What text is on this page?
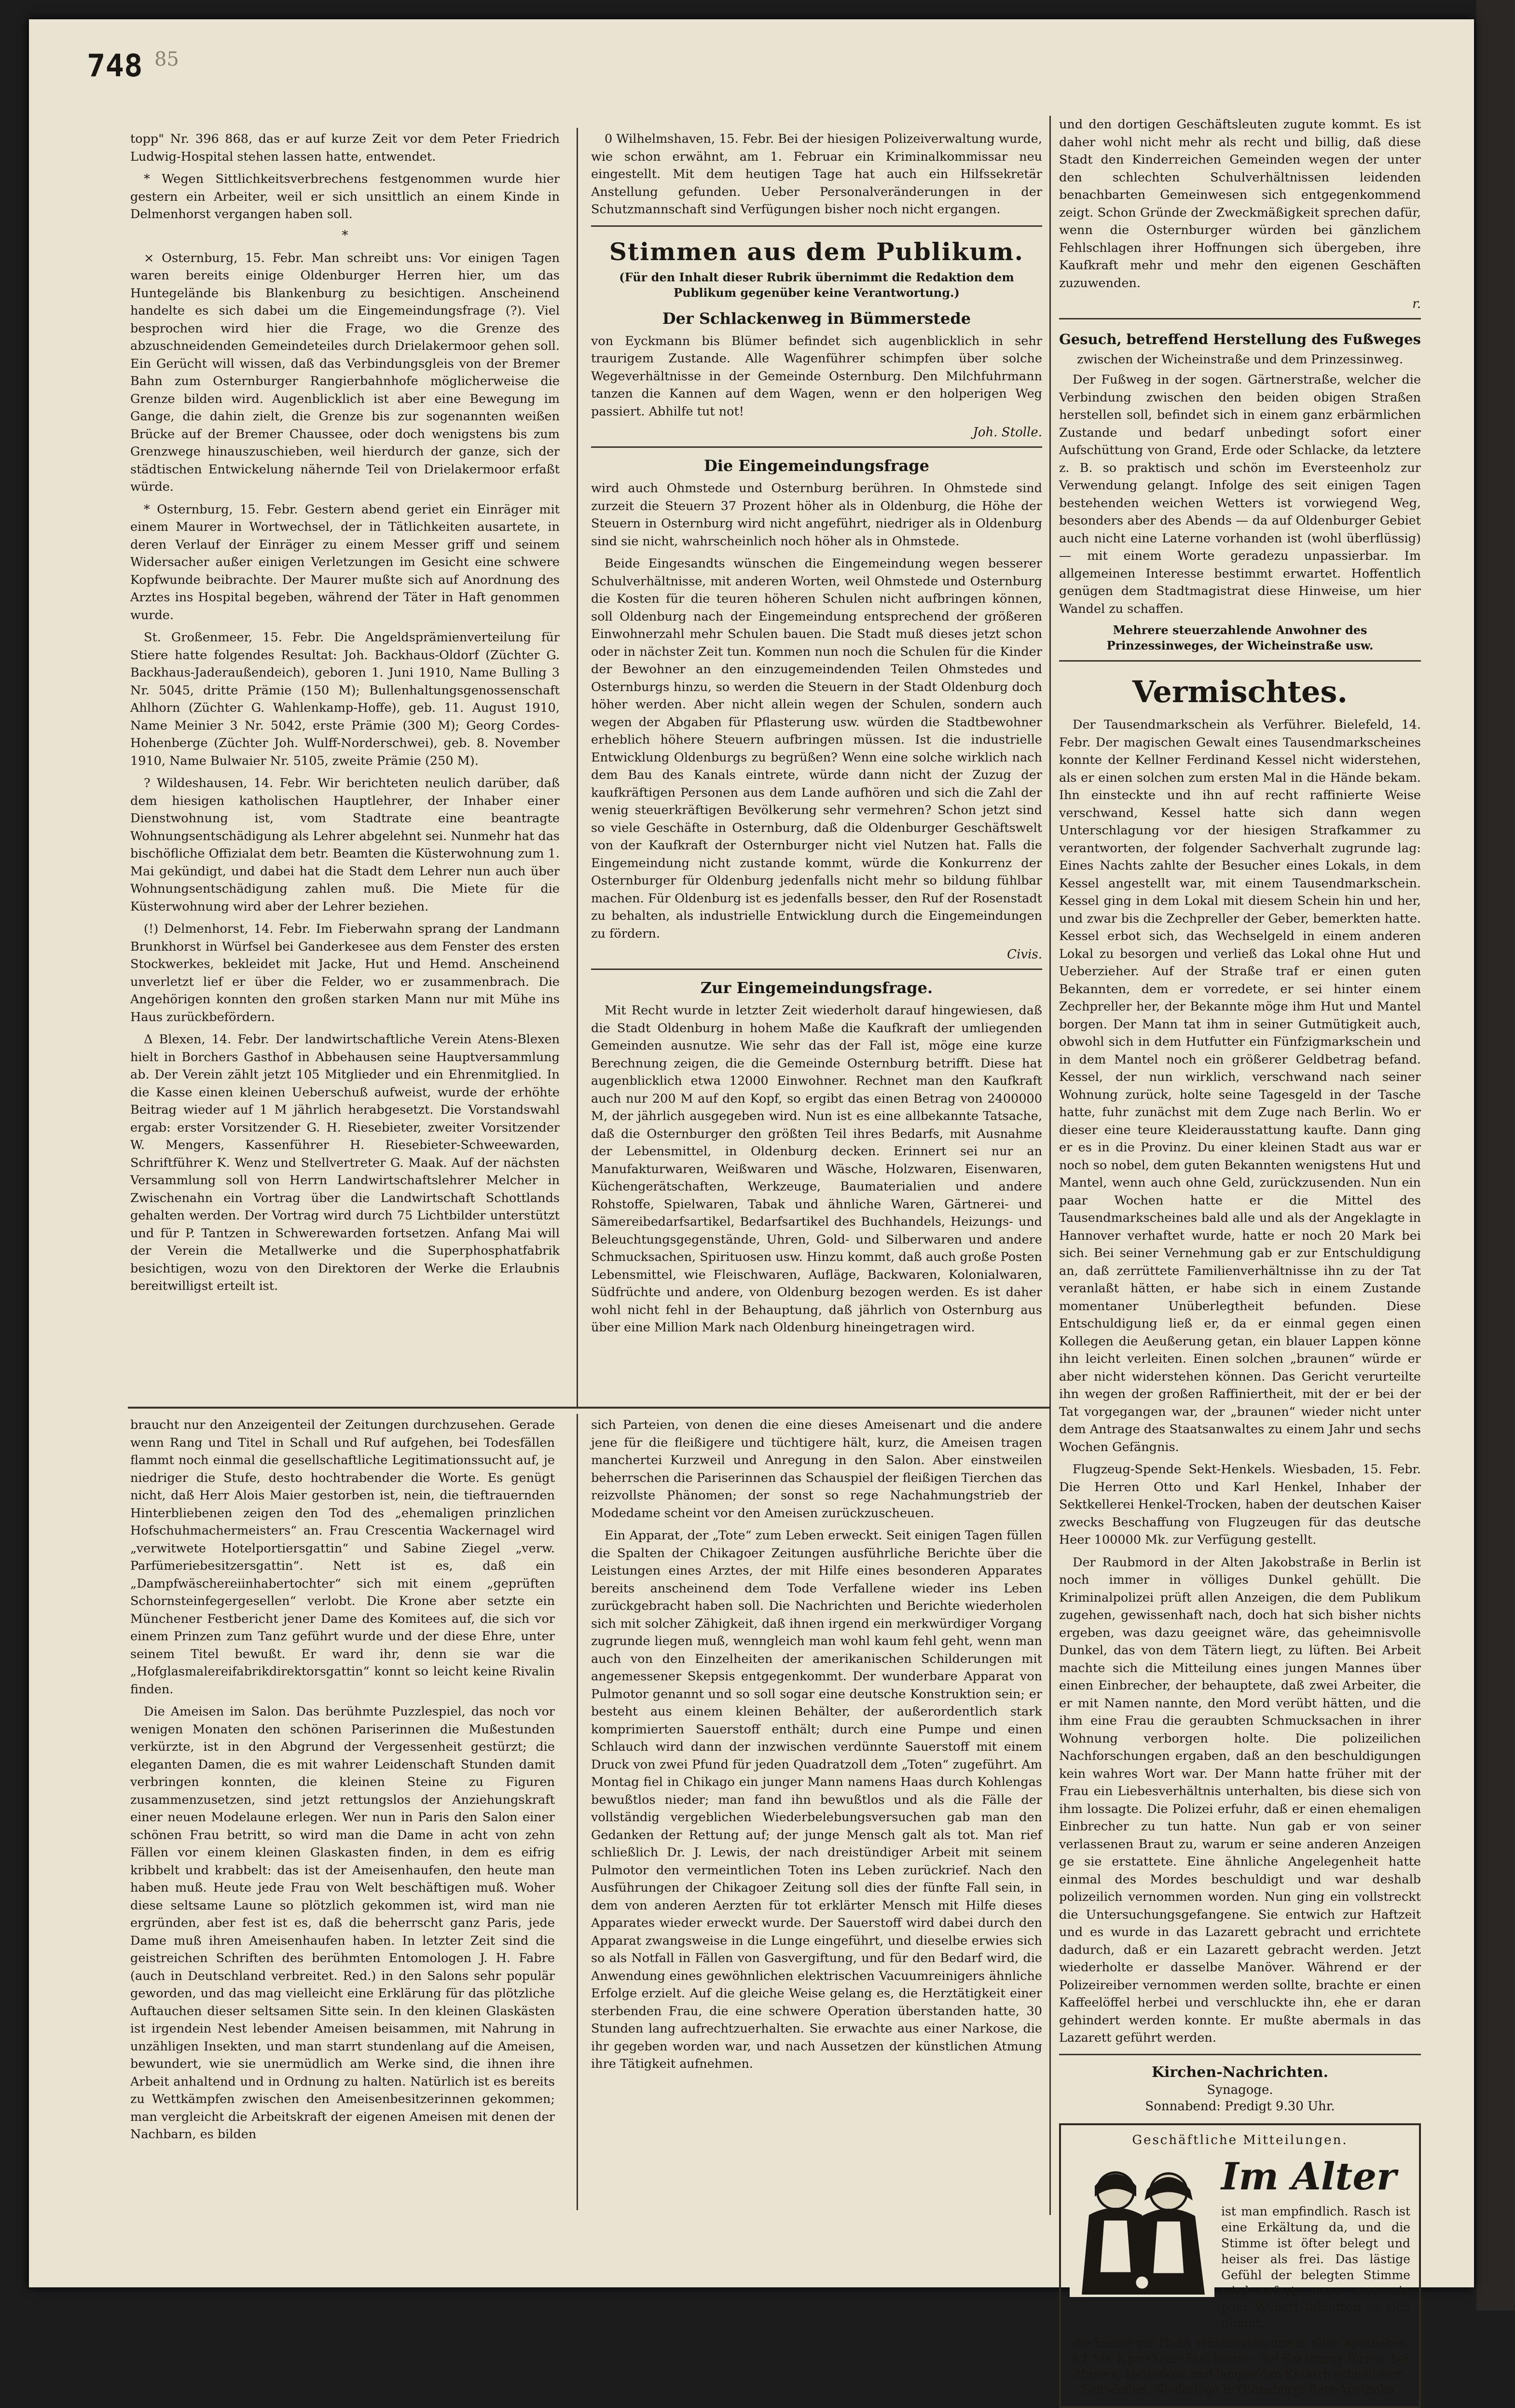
748 85

topp" Nr. 396 868, das er auf kurze Zeit vor dem Peter Friedrich Ludwig-Hospital stehen lassen hatte, entwendet.

* Wegen Sittlichkeitsverbrechens festgenommen wurde hier gestern ein Arbeiter, weil er sich unsittlich an einem Kinde in Delmenhorst vergangen haben soll.

*

× Osternburg, 15. Febr. Man schreibt uns: Vor einigen Tagen waren bereits einige Oldenburger Herren hier, um das Huntegelände bis Blankenburg zu besichtigen. Anscheinend handelte es sich dabei um die Eingemeindungsfrage (?). Viel besprochen wird hier die Frage, wo die Grenze des abzuschneidenden Gemeindeteiles durch Drielakermoor gehen soll. Ein Gerücht will wissen, daß das Verbindungsgleis von der Bremer Bahn zum Osternburger Rangierbahnhofe möglicherweise die Grenze bilden wird. Augenblicklich ist aber eine Bewegung im Gange, die dahin zielt, die Grenze bis zur sogenannten weißen Brücke auf der Bremer Chaussee, oder doch wenigstens bis zum Grenzwege hinauszuschieben, weil hierdurch der ganze, sich der städtischen Entwickelung nähernde Teil von Drielakermoor erfaßt würde.

* Osternburg, 15. Febr. Gestern abend geriet ein Einräger mit einem Maurer in Wortwechsel, der in Tätlichkeiten ausartete, in deren Verlauf der Einräger zu einem Messer griff und seinem Widersacher außer einigen Verletzungen im Gesicht eine schwere Kopfwunde beibrachte. Der Maurer mußte sich auf Anordnung des Arztes ins Hospital begeben, während der Täter in Haft genommen wurde.

St. Großenmeer, 15. Febr. Die Angeldsprämienverteilung für Stiere hatte folgendes Resultat: Joh. Backhaus-Oldorf (Züchter G. Backhaus-Jaderaußendeich), geboren 1. Juni 1910, Name Bulling 3 Nr. 5045, dritte Prämie (150 M); Bullenhaltungsgenossenschaft Ahlhorn (Züchter G. Wahlenkamp-Hoffe), geb. 11. August 1910, Name Meinier 3 Nr. 5042, erste Prämie (300 M); Georg Cordes-Hohenberge (Züchter Joh. Wulff-Norderschwei), geb. 8. November 1910, Name Bulwaier Nr. 5105, zweite Prämie (250 M).

? Wildeshausen, 14. Febr. Wir berichteten neulich darüber, daß dem hiesigen katholischen Hauptlehrer, der Inhaber einer Dienstwohnung ist, vom Stadtrate eine beantragte Wohnungsentschädigung als Lehrer abgelehnt sei. Nunmehr hat das bischöfliche Offizialat dem betr. Beamten die Küsterwohnung zum 1. Mai gekündigt, und dabei hat die Stadt dem Lehrer nun auch über Wohnungsentschädigung zahlen muß. Die Miete für die Küsterwohnung wird aber der Lehrer beziehen.

(!) Delmenhorst, 14. Febr. Im Fieberwahn sprang der Landmann Brunkhorst in Würfsel bei Ganderkesee aus dem Fenster des ersten Stockwerkes, bekleidet mit Jacke, Hut und Hemd. Anscheinend unverletzt lief er über die Felder, wo er zusammenbrach. Die Angehörigen konnten den großen starken Mann nur mit Mühe ins Haus zurückbefördern.

Δ Blexen, 14. Febr. Der landwirtschaftliche Verein Atens-Blexen hielt in Borchers Gasthof in Abbehausen seine Hauptversammlung ab. Der Verein zählt jetzt 105 Mitglieder und ein Ehrenmitglied. In die Kasse einen kleinen Ueberschuß aufweist, wurde der erhöhte Beitrag wieder auf 1 M jährlich herabgesetzt. Die Vorstandswahl ergab: erster Vorsitzender G. H. Riesebieter, zweiter Vorsitzender W. Mengers, Kassenführer H. Riesebieter-Schweewarden, Schriftführer K. Wenz und Stellvertreter G. Maak. Auf der nächsten Versammlung soll von Herrn Landwirtschaftslehrer Melcher in Zwischenahn ein Vortrag über die Landwirtschaft Schottlands gehalten werden. Der Vortrag wird durch 75 Lichtbilder unterstützt und für P. Tantzen in Schwerewarden fortsetzen. Anfang Mai will der Verein die Metallwerke und die Superphosphatfabrik besichtigen, wozu von den Direktoren der Werke die Erlaubnis bereitwilligst erteilt ist.

0 Wilhelmshaven, 15. Febr. Bei der hiesigen Polizeiverwaltung wurde, wie schon erwähnt, am 1. Februar ein Kriminalkommissar neu eingestellt. Mit dem heutigen Tage hat auch ein Hilfssekretär Anstellung gefunden. Ueber Personalveränderungen in der Schutzmannschaft sind Verfügungen bisher noch nicht ergangen.

Stimmen aus dem Publikum.

(Für den Inhalt dieser Rubrik übernimmt die Redaktion dem Publikum gegenüber keine Verantwortung.)

Der Schlackenweg in Bümmerstede

von Eyckmann bis Blümer befindet sich augenblicklich in sehr traurigem Zustande. Alle Wagenführer schimpfen über solche Wegeverhältnisse in der Gemeinde Osternburg. Den Milchfuhrmann tanzen die Kannen auf dem Wagen, wenn er den holperigen Weg passiert. Abhilfe tut not!

Joh. Stolle.

Die Eingemeindungsfrage

wird auch Ohmstede und Osternburg berühren. In Ohmstede sind zurzeit die Steuern 37 Prozent höher als in Oldenburg, die Höhe der Steuern in Osternburg wird nicht angeführt, niedriger als in Oldenburg sind sie nicht, wahrscheinlich noch höher als in Ohmstede.

Beide Eingesandts wünschen die Eingemeindung wegen besserer Schulverhältnisse, mit anderen Worten, weil Ohmstede und Osternburg die Kosten für die teuren höheren Schulen nicht aufbringen können, soll Oldenburg nach der Eingemeindung entsprechend der größeren Einwohnerzahl mehr Schulen bauen. Die Stadt muß dieses jetzt schon oder in nächster Zeit tun. Kommen nun noch die Schulen für die Kinder der Bewohner an den einzugemeindenden Teilen Ohmstedes und Osternburgs hinzu, so werden die Steuern in der Stadt Oldenburg doch höher werden. Aber nicht allein wegen der Schulen, sondern auch wegen der Abgaben für Pflasterung usw. würden die Stadtbewohner erheblich höhere Steuern aufbringen müssen. Ist die industrielle Entwicklung Oldenburgs zu begrüßen? Wenn eine solche wirklich nach dem Bau des Kanals eintrete, würde dann nicht der Zuzug der kaufkräftigen Personen aus dem Lande aufhören und sich die Zahl der wenig steuerkräftigen Bevölkerung sehr vermehren? Schon jetzt sind so viele Geschäfte in Osternburg, daß die Oldenburger Geschäftswelt von der Kaufkraft der Osternburger nicht viel Nutzen hat. Falls die Eingemeindung nicht zustande kommt, würde die Konkurrenz der Osternburger für Oldenburg jedenfalls nicht mehr so bildung fühlbar machen. Für Oldenburg ist es jedenfalls besser, den Ruf der Rosenstadt zu behalten, als industrielle Entwicklung durch die Eingemeindungen zu fördern.

Civis.

Zur Eingemeindungsfrage.

Mit Recht wurde in letzter Zeit wiederholt darauf hingewiesen, daß die Stadt Oldenburg in hohem Maße die Kaufkraft der umliegenden Gemeinden ausnutze. Wie sehr das der Fall ist, möge eine kurze Berechnung zeigen, die die Gemeinde Osternburg betrifft. Diese hat augenblicklich etwa 12000 Einwohner. Rechnet man den Kaufkraft auch nur 200 M auf den Kopf, so ergibt das einen Betrag von 2400000 M, der jährlich ausgegeben wird. Nun ist es eine allbekannte Tatsache, daß die Osternburger den größten Teil ihres Bedarfs, mit Ausnahme der Lebensmittel, in Oldenburg decken. Erinnert sei nur an Manufakturwaren, Weißwaren und Wäsche, Holzwaren, Eisenwaren, Küchengerätschaften, Werkzeuge, Baumaterialien und andere Rohstoffe, Spielwaren, Tabak und ähnliche Waren, Gärtnerei- und Sämereibedarfsartikel, Bedarfsartikel des Buchhandels, Heizungs- und Beleuchtungsgegenstände, Uhren, Gold- und Silberwaren und andere Schmucksachen, Spirituosen usw. Hinzu kommt, daß auch große Posten Lebensmittel, wie Fleischwaren, Aufläge, Backwaren, Kolonialwaren, Südfrüchte und andere, von Oldenburg bezogen werden. Es ist daher wohl nicht fehl in der Behauptung, daß jährlich von Osternburg aus über eine Million Mark nach Oldenburg hineingetragen wird.

und den dortigen Geschäftsleuten zugute kommt. Es ist daher wohl nicht mehr als recht und billig, daß diese Stadt den Kinderreichen Gemeinden wegen der unter den schlechten Schulverhältnissen leidenden benachbarten Gemeinwesen sich entgegenkommend zeigt. Schon Gründe der Zweckmäßigkeit sprechen dafür, wenn die Osternburger würden bei gänzlichem Fehlschlagen ihrer Hoffnungen sich übergeben, ihre Kaufkraft mehr und mehr den eigenen Geschäften zuzuwenden.

r.

Gesuch, betreffend Herstellung des Fußweges
zwischen der Wicheinstraße und dem Prinzessinweg.

Der Fußweg in der sogen. Gärtnerstraße, welcher die Verbindung zwischen den beiden obigen Straßen herstellen soll, befindet sich in einem ganz erbärmlichen Zustande und bedarf unbedingt sofort einer Aufschüttung von Grand, Erde oder Schlacke, da letztere z. B. so praktisch und schön im Eversteenholz zur Verwendung gelangt. Infolge des seit einigen Tagen bestehenden weichen Wetters ist vorwiegend Weg, besonders aber des Abends — da auf Oldenburger Gebiet auch nicht eine Laterne vorhanden ist (wohl überflüssig) — mit einem Worte geradezu unpassierbar. Im allgemeinen Interesse bestimmt erwartet. Hoffentlich genügen dem Stadtmagistrat diese Hinweise, um hier Wandel zu schaffen.

Mehrere steuerzahlende Anwohner des Prinzessinweges, der Wicheinstraße usw.

Vermischtes.

Der Tausendmarkschein als Verführer. Bielefeld, 14. Febr. Der magischen Gewalt eines Tausendmarkscheines konnte der Kellner Ferdinand Kessel nicht widerstehen, als er einen solchen zum ersten Mal in die Hände bekam. Ihn einsteckte und ihn auf recht raffinierte Weise verschwand, Kessel hatte sich dann wegen Unterschlagung vor der hiesigen Strafkammer zu verantworten, der folgender Sachverhalt zugrunde lag: Eines Nachts zahlte der Besucher eines Lokals, in dem Kessel angestellt war, mit einem Tausendmarkschein. Kessel ging in dem Lokal mit diesem Schein hin und her, und zwar bis die Zechpreller der Geber, bemerkten hatte. Kessel erbot sich, das Wechselgeld in einem anderen Lokal zu besorgen und verließ das Lokal ohne Hut und Ueberzieher. Auf der Straße traf er einen guten Bekannten, dem er vorredete, er sei hinter einem Zechpreller her, der Bekannte möge ihm Hut und Mantel borgen. Der Mann tat ihm in seiner Gutmütigkeit auch, obwohl sich in dem Hutfutter ein Fünfzigmarkschein und in dem Mantel noch ein größerer Geldbetrag befand. Kessel, der nun wirklich, verschwand nach seiner Wohnung zurück, holte seine Tagesgeld in der Tasche hatte, fuhr zunächst mit dem Zuge nach Berlin. Wo er dieser eine teure Kleiderausstattung kaufte. Dann ging er es in die Provinz. Du einer kleinen Stadt aus war er noch so nobel, dem guten Bekannten wenigstens Hut und Mantel, wenn auch ohne Geld, zurückzusenden. Nun ein paar Wochen hatte er die Mittel des Tausendmarkscheines bald alle und als der Angeklagte in Hannover verhaftet wurde, hatte er noch 20 Mark bei sich. Bei seiner Vernehmung gab er zur Entschuldigung an, daß zerrüttete Familienverhältnisse ihn zu der Tat veranlaßt hätten, er habe sich in einem Zustande momentaner Unüberlegtheit befunden. Diese Entschuldigung ließ er, da er einmal gegen einen Kollegen die Aeußerung getan, ein blauer Lappen könne ihn leicht verleiten. Einen solchen „braunen“ würde er aber nicht widerstehen können. Das Gericht verurteilte ihn wegen der großen Raffiniertheit, mit der er bei der Tat vorgegangen war, der „braunen“ wieder nicht unter dem Antrage des Staatsanwaltes zu einem Jahr und sechs Wochen Gefängnis.

Flugzeug-Spende Sekt-Henkels. Wiesbaden, 15. Febr. Die Herren Otto und Karl Henkel, Inhaber der Sektkellerei Henkel-Trocken, haben der deutschen Kaiser zwecks Beschaffung von Flugzeugen für das deutsche Heer 100000 Mk. zur Verfügung gestellt.

Der Raubmord in der Alten Jakobstraße in Berlin ist noch immer in völliges Dunkel gehüllt. Die Kriminalpolizei prüft allen Anzeigen, die dem Publikum zugehen, gewissenhaft nach, doch hat sich bisher nichts ergeben, was dazu geeignet wäre, das geheimnisvolle Dunkel, das von dem Tätern liegt, zu lüften. Bei Arbeit machte sich die Mitteilung eines jungen Mannes über einen Einbrecher, der behauptete, daß zwei Arbeiter, die er mit Namen nannte, den Mord verübt hätten, und die ihm eine Frau die geraubten Schmucksachen in ihrer Wohnung verborgen holte. Die polizeilichen Nachforschungen ergaben, daß an den beschuldigungen kein wahres Wort war. Der Mann hatte früher mit der Frau ein Liebesverhältnis unterhalten, bis diese sich von ihm lossagte. Die Polizei erfuhr, daß er einen ehemaligen Einbrecher zu tun hatte. Nun gab er von seiner verlassenen Braut zu, warum er seine anderen Anzeigen ge sie erstattete. Eine ähnliche Angelegenheit hatte einmal des Mordes beschuldigt und war deshalb polizeilich vernommen worden. Nun ging ein vollstreckt die Untersuchungsgefangene. Sie entwich zur Haftzeit und es wurde in das Lazarett gebracht und errichtete dadurch, daß er ein Lazarett gebracht werden. Jetzt wiederholte er dasselbe Manöver. Während er der Polizeireiber vernommen werden sollte, brachte er einen Kaffeelöffel herbei und verschluckte ihn, ehe er daran gehindert werden konnte. Er mußte abermals in das Lazarett geführt werden.

Kirchen-Nachrichten.
Synagoge.
Sonnabend: Predigt 9.30 Uhr.
Geschäftliche Mitteilungen.
Im Alter

ist man empfindlich. Rasch ist eine Erkältung da, und die Stimme ist öfter belegt und heiser als frei. Das lästige Gefühl der belegten Stimme wird sofort, wenn man ein paar Wybert-Tabletten zu sich nimmt,

die immer zur Hand sein müssen und in allen Apotheken à 1 Mark pro Schachtel kosten. Bei Erkältung dürfen, bei Husten, Heiserkeit und langen den Katarrh schnell zum Schwinden. Niederlage in Oldenburg: Rats-Apotheke.

braucht nur den Anzeigenteil der Zeitungen durchzusehen. Gerade wenn Rang und Titel in Schall und Ruf aufgehen, bei Todesfällen flammt noch einmal die gesellschaftliche Legitimationssucht auf, je niedriger die Stufe, desto hochtrabender die Worte. Es genügt nicht, daß Herr Alois Maier gestorben ist, nein, die tieftrauernden Hinterbliebenen zeigen den Tod des „ehemaligen prinzlichen Hofschuhmachermeisters“ an. Frau Crescentia Wackernagel wird „verwitwete Hotelportiersgattin“ und Sabine Ziegel „verw. Parfümeriebesitzersgattin“. Nett ist es, daß ein „Dampfwäschereiinhabertochter“ sich mit einem „geprüften Schornsteinfegergesellen“ verlobt. Die Krone aber setzte ein Münchener Festbericht jener Dame des Komitees auf, die sich vor einem Prinzen zum Tanz geführt wurde und der diese Ehre, unter seinem Titel bewußt. Er ward ihr, denn sie war die „Hofglasmalereifabrikdirektorsgattin“ konnt so leicht keine Rivalin finden.

Die Ameisen im Salon. Das berühmte Puzzlespiel, das noch vor wenigen Monaten den schönen Pariserinnen die Mußestunden verkürzte, ist in den Abgrund der Vergessenheit gestürzt; die eleganten Damen, die es mit wahrer Leidenschaft Stunden damit verbringen konnten, die kleinen Steine zu Figuren zusammenzusetzen, sind jetzt rettungslos der Anziehungskraft einer neuen Modelaune erlegen. Wer nun in Paris den Salon einer schönen Frau betritt, so wird man die Dame in acht von zehn Fällen vor einem kleinen Glaskasten finden, in dem es eifrig kribbelt und krabbelt: das ist der Ameisenhaufen, den heute man haben muß. Heute jede Frau von Welt beschäftigen muß. Woher diese seltsame Laune so plötzlich gekommen ist, wird man nie ergründen, aber fest ist es, daß die beherrscht ganz Paris, jede Dame muß ihren Ameisenhaufen haben. In letzter Zeit sind die geistreichen Schriften des berühmten Entomologen J. H. Fabre (auch in Deutschland verbreitet. Red.) in den Salons sehr populär geworden, und das mag vielleicht eine Erklärung für das plötzliche Auftauchen dieser seltsamen Sitte sein. In den kleinen Glaskästen ist irgendein Nest lebender Ameisen beisammen, mit Nahrung in unzähligen Insekten, und man starrt stundenlang auf die Ameisen, bewundert, wie sie unermüdlich am Werke sind, die ihnen ihre Arbeit anhaltend und in Ordnung zu halten. Natürlich ist es bereits zu Wettkämpfen zwischen den Ameisenbesitzerinnen gekommen; man vergleicht die Arbeitskraft der eigenen Ameisen mit denen der Nachbarn, es bilden

sich Parteien, von denen die eine dieses Ameisenart und die andere jene für die fleißigere und tüchtigere hält, kurz, die Ameisen tragen manchertei Kurzweil und Anregung in den Salon. Aber einstweilen beherrschen die Pariserinnen das Schauspiel der fleißigen Tierchen das reizvollste Phänomen; der sonst so rege Nachahmungstrieb der Modedame scheint vor den Ameisen zurückzuscheuen.

Ein Apparat, der „Tote“ zum Leben erweckt. Seit einigen Tagen füllen die Spalten der Chikagoer Zeitungen ausführliche Berichte über die Leistungen eines Arztes, der mit Hilfe eines besonderen Apparates bereits anscheinend dem Tode Verfallene wieder ins Leben zurückgebracht haben soll. Die Nachrichten und Berichte wiederholen sich mit solcher Zähigkeit, daß ihnen irgend ein merkwürdiger Vorgang zugrunde liegen muß, wenngleich man wohl kaum fehl geht, wenn man auch von den Einzelheiten der amerikanischen Schilderungen mit angemessener Skepsis entgegenkommt. Der wunderbare Apparat von Pulmotor genannt und so soll sogar eine deutsche Konstruktion sein; er besteht aus einem kleinen Behälter, der außerordentlich stark komprimierten Sauerstoff enthält; durch eine Pumpe und einen Schlauch wird dann der inzwischen verdünnte Sauerstoff mit einem Druck von zwei Pfund für jeden Quadratzoll dem „Toten“ zugeführt. Am Montag fiel in Chikago ein junger Mann namens Haas durch Kohlengas bewußtlos nieder; man fand ihn bewußtlos und als die Fälle der vollständig vergeblichen Wiederbelebungsversuchen gab man den Gedanken der Rettung auf; der junge Mensch galt als tot. Man rief schließlich Dr. J. Lewis, der nach dreistündiger Arbeit mit seinem Pulmotor den vermeintlichen Toten ins Leben zurückrief. Nach den Ausführungen der Chikagoer Zeitung soll dies der fünfte Fall sein, in dem von anderen Aerzten für tot erklärter Mensch mit Hilfe dieses Apparates wieder erweckt wurde. Der Sauerstoff wird dabei durch den Apparat zwangsweise in die Lunge eingeführt, und dieselbe erwies sich so als Notfall in Fällen von Gasvergiftung, und für den Bedarf wird, die Anwendung eines gewöhnlichen elektrischen Vacuumreinigers ähnliche Erfolge erzielt. Auf die gleiche Weise gelang es, die Herztätigkeit einer sterbenden Frau, die eine schwere Operation überstanden hatte, 30 Stunden lang aufrechtzuerhalten. Sie erwachte aus einer Narkose, die ihr gegeben worden war, und nach Aussetzen der künstlichen Atmung ihre Tätigkeit aufnehmen.
